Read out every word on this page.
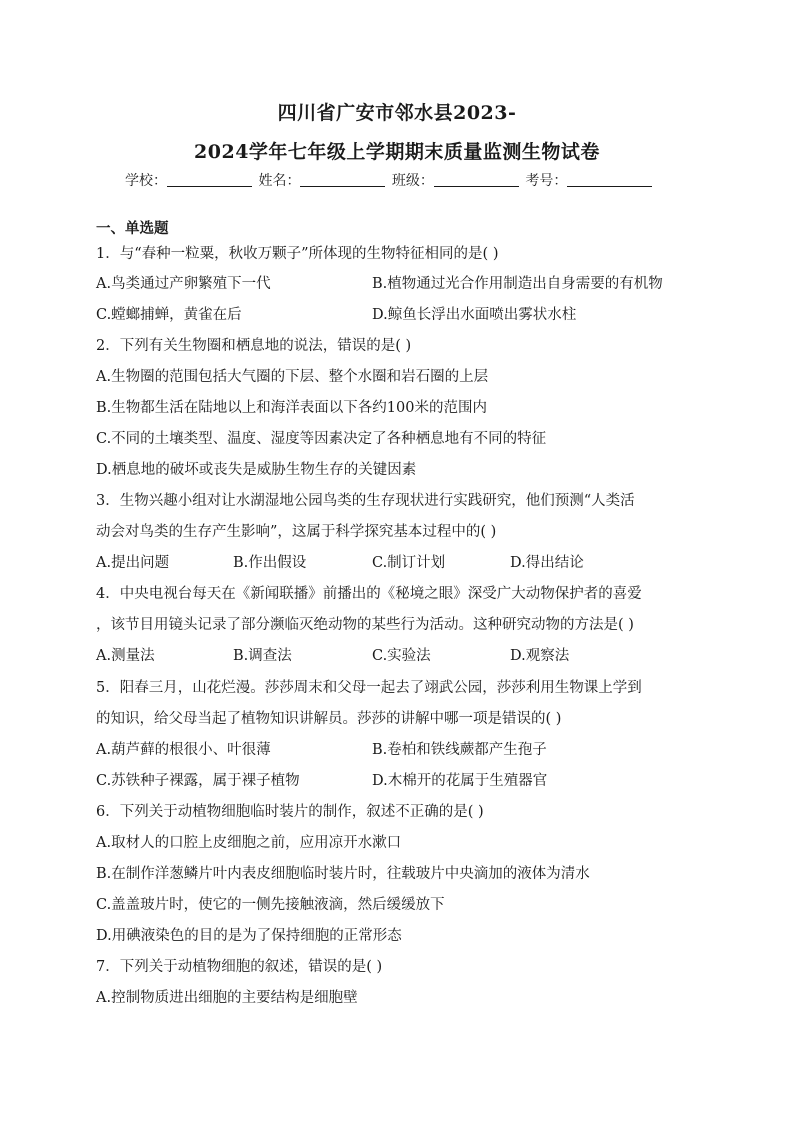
四川省广安市邻水县2023-
2024学年七年级上学期期末质量监测生物试卷
学校：	姓名：	班级：	考号：
一、单选题
1．与“春种一粒粟，秋收万颗子”所体现的生物特征相同的是( )
A.鸟类通过产卵繁殖下一代	B.植物通过光合作用制造出自身需要的有机物
C.螳螂捕蝉，黄雀在后	D.鲸鱼长浮出水面喷出雾状水柱
2．下列有关生物圈和栖息地的说法，错误的是( )
A.生物圈的范围包括大气圈的下层、整个水圈和岩石圈的上层
B.生物都生活在陆地以上和海洋表面以下各约100米的范围内
C.不同的土壤类型、温度、湿度等因素决定了各种栖息地有不同的特征
D.栖息地的破坏或丧失是威胁生物生存的关键因素
3．生物兴趣小组对让水湖湿地公园鸟类的生存现状进行实践研究，他们预测“人类活
动会对鸟类的生存产生影响”，这属于科学探究基本过程中的( )
A.提出问题	B.作出假设	C.制订计划	D.得出结论
4．中央电视台每天在《新闻联播》前播出的《秘境之眼》深受广大动物保护者的喜爱
，该节目用镜头记录了部分濒临灭绝动物的某些行为活动。这种研究动物的方法是( )
A.测量法	B.调查法	C.实验法	D.观察法
5．阳春三月，山花烂漫。莎莎周末和父母一起去了翊武公园，莎莎利用生物课上学到
的知识，给父母当起了植物知识讲解员。莎莎的讲解中哪一项是错误的( )
A.葫芦藓的根很小、叶很薄	B.卷柏和铁线蕨都产生孢子
C.苏铁种子裸露，属于裸子植物	D.木棉开的花属于生殖器官
6．下列关于动植物细胞临时装片的制作，叙述不正确的是( )
A.取材人的口腔上皮细胞之前，应用凉开水漱口
B.在制作洋葱鳞片叶内表皮细胞临时装片时，往载玻片中央滴加的液体为清水
C.盖盖玻片时，使它的一侧先接触液滴，然后缓缓放下
D.用碘液染色的目的是为了保持细胞的正常形态
7．下列关于动植物细胞的叙述，错误的是( )
A.控制物质进出细胞的主要结构是细胞壁
